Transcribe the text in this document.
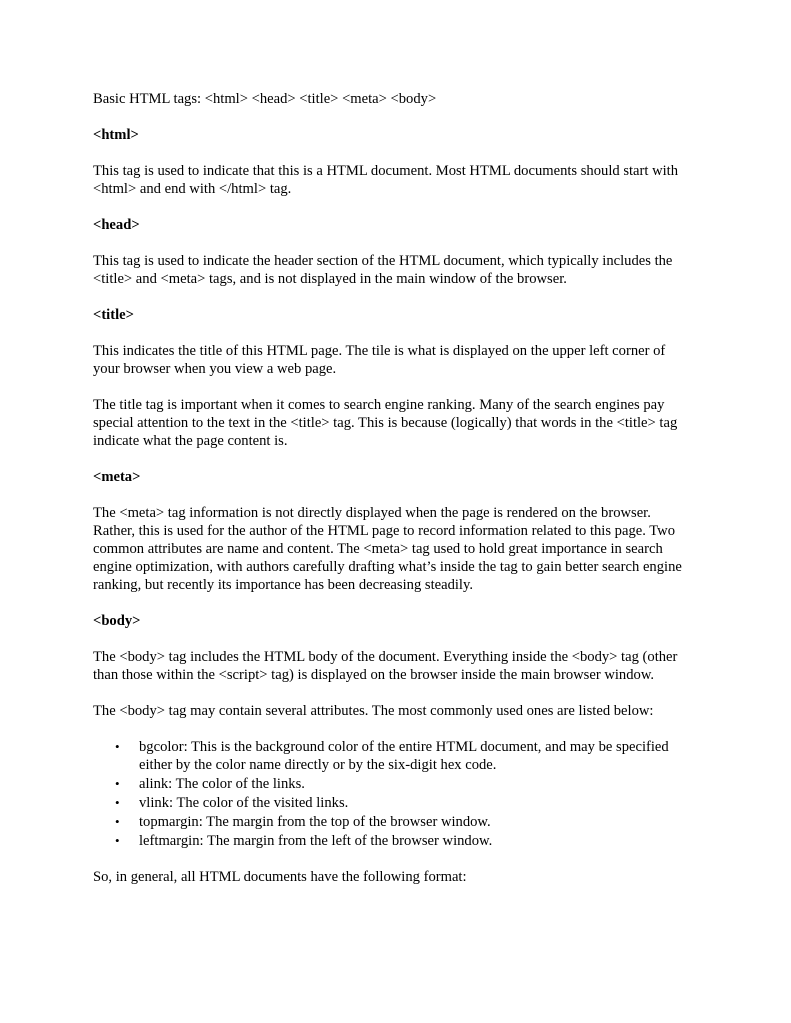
Basic HTML tags: <html> <head> <title> <meta> <body>

<html>

This tag is used to indicate that this is a HTML document. Most HTML documents should start with <html> and end with </html> tag.

<head>

This tag is used to indicate the header section of the HTML document, which typically includes the <title> and <meta> tags, and is not displayed in the main window of the browser.

<title>

This indicates the title of this HTML page. The tile is what is displayed on the upper left corner of your browser when you view a web page.

The title tag is important when it comes to search engine ranking. Many of the search engines pay special attention to the text in the <title> tag. This is because (logically) that words in the <title> tag indicate what the page content is.

<meta>

The <meta> tag information is not directly displayed when the page is rendered on the browser. Rather, this is used for the author of the HTML page to record information related to this page. Two common attributes are name and content. The <meta> tag used to hold great importance in search engine optimization, with authors carefully drafting what’s inside the tag to gain better search engine ranking, but recently its importance has been decreasing steadily.

<body>

The <body> tag includes the HTML body of the document. Everything inside the <body> tag (other than those within the <script> tag) is displayed on the browser inside the main browser window.

The <body> tag may contain several attributes. The most commonly used ones are listed below:

• bgcolor: This is the background color of the entire HTML document, and may be specified either by the color name directly or by the six-digit hex code.
• alink: The color of the links.
• vlink: The color of the visited links.
• topmargin: The margin from the top of the browser window.
• leftmargin: The margin from the left of the browser window.

So, in general, all HTML documents have the following format:
